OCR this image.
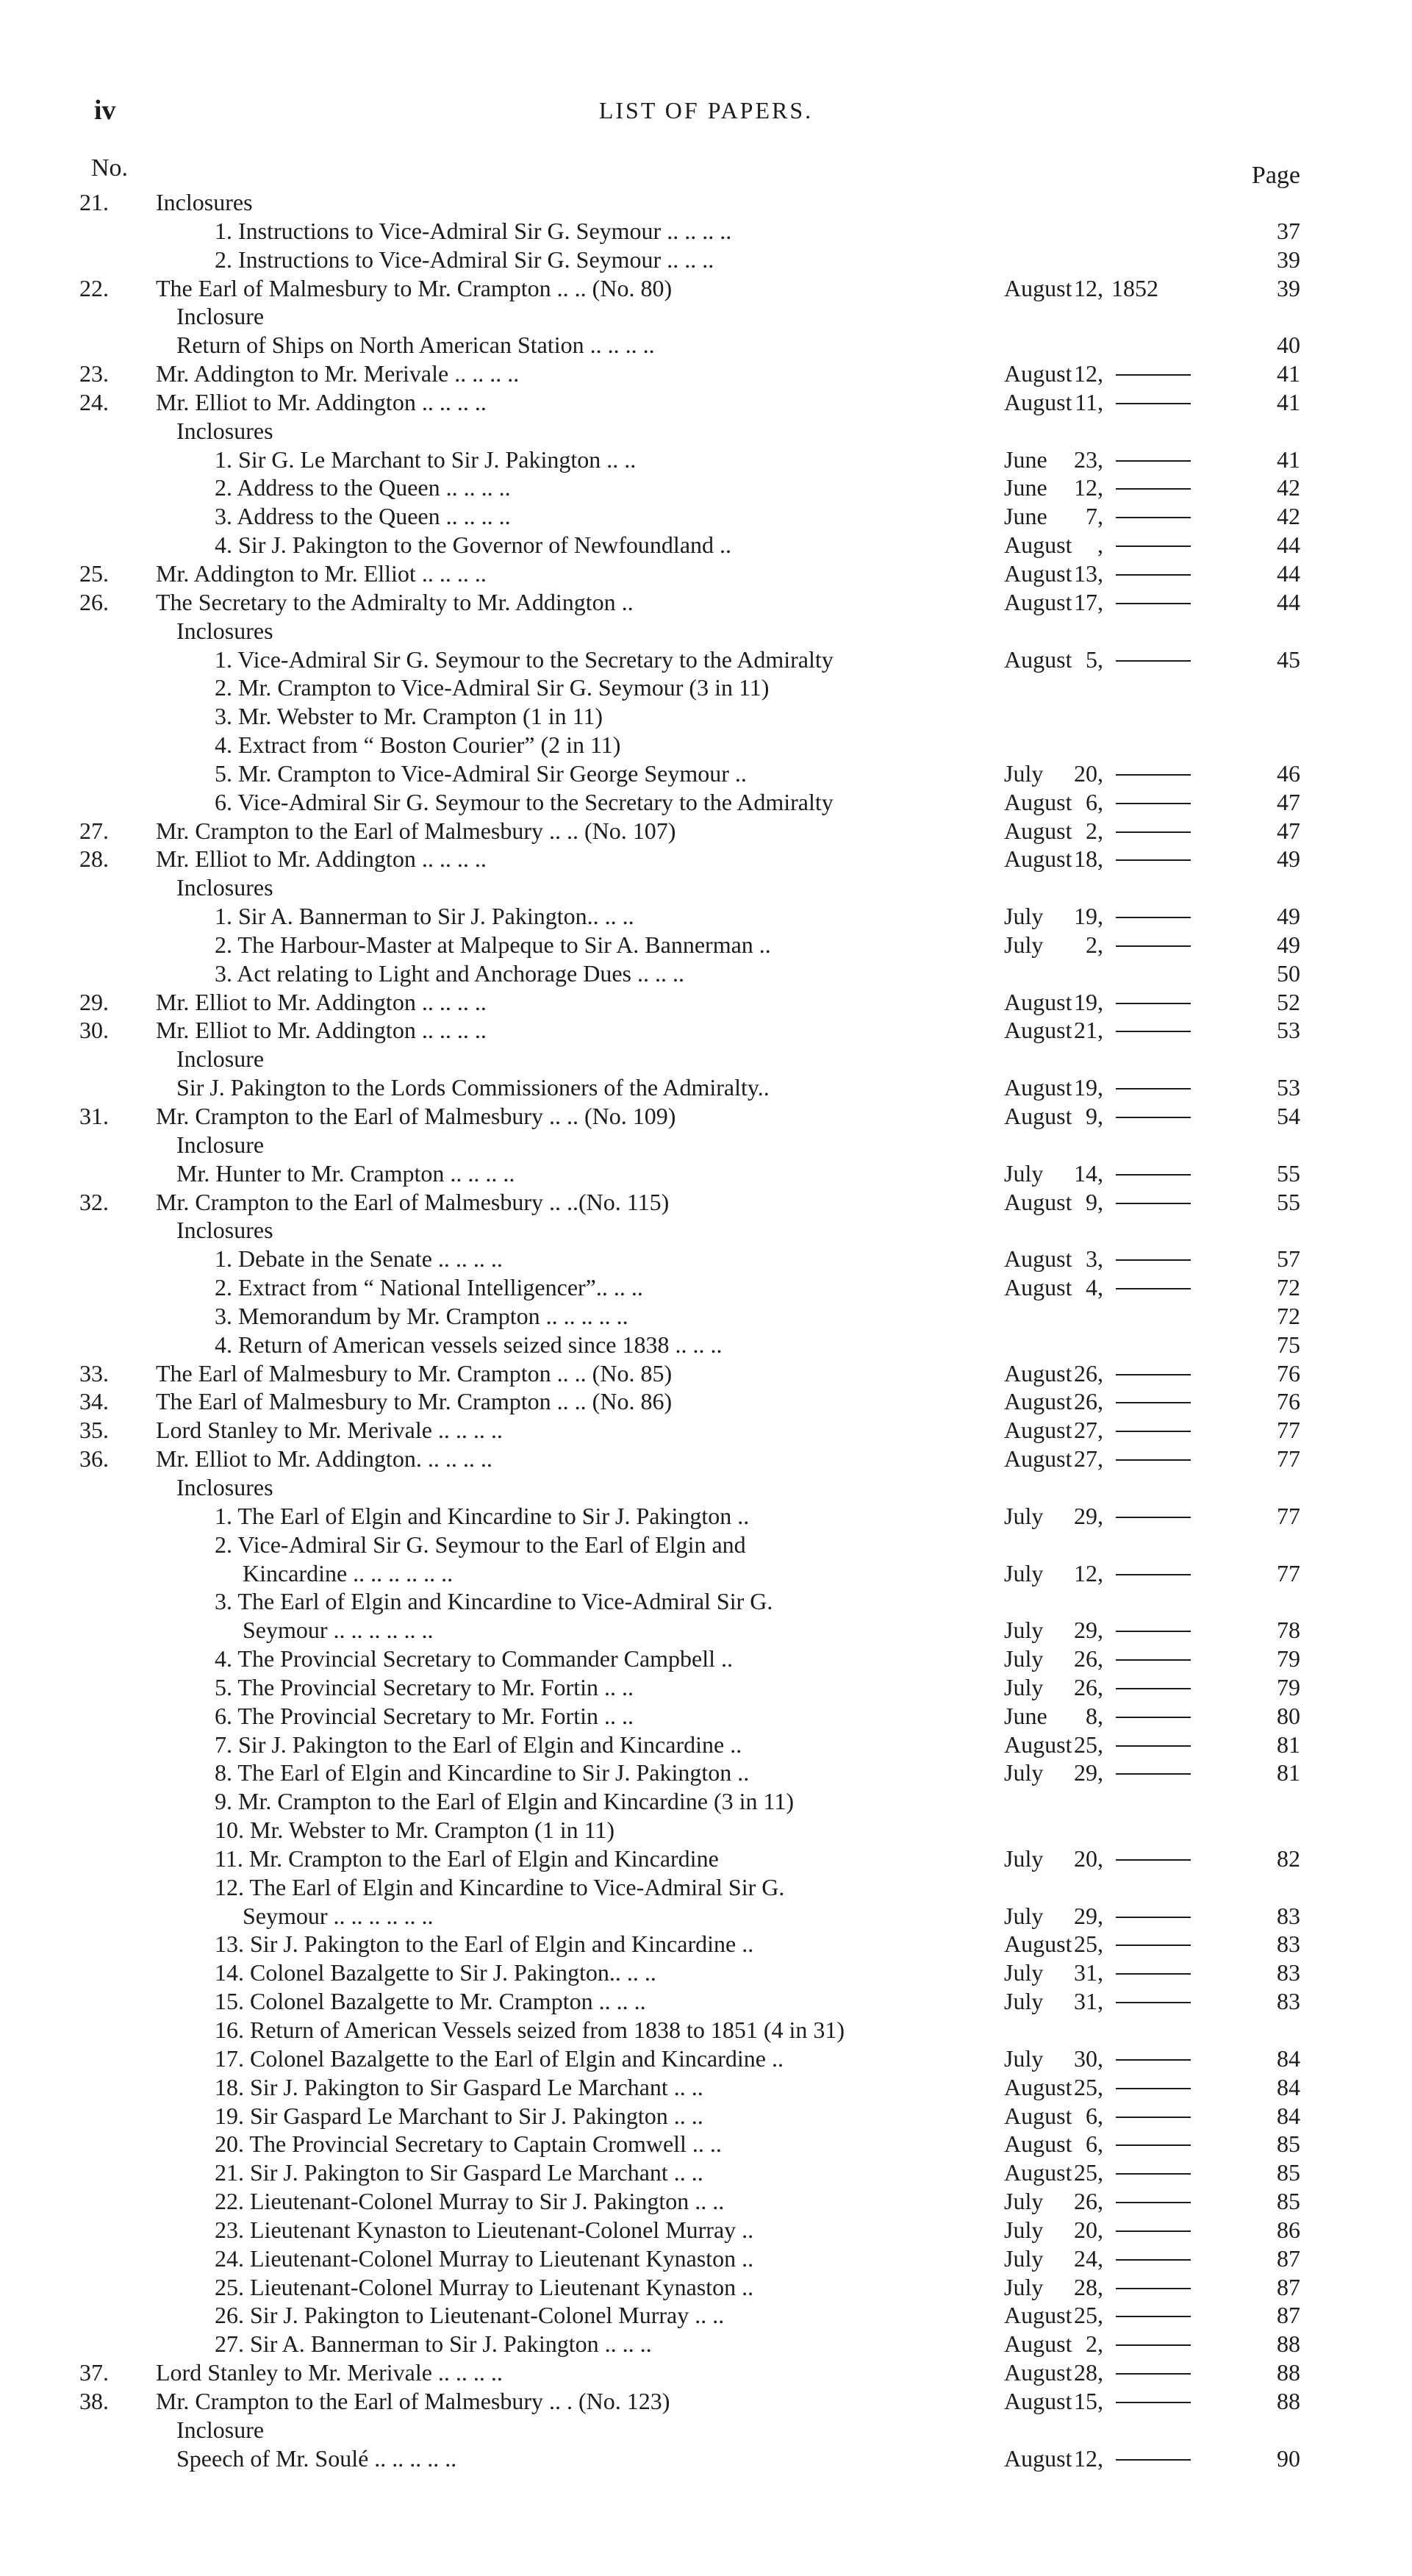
iv	LIST OF PAPERS.
No.	Page
21.	Inclosures
1. Instructions to Vice-Admiral Sir G. Seymour .. .. .. ..	37
2. Instructions to Vice-Admiral Sir G. Seymour .. .. ..	39
22.	The Earl of Malmesbury to Mr. Crampton .. .. (No. 80)	August 12, 1852	39
Inclosure
Return of Ships on North American Station .. .. .. ..	40
23.	Mr. Addington to Mr. Merivale .. .. .. ..	August 12,	41
24.	Mr. Elliot to Mr. Addington .. .. .. ..	August 11,	41
Inclosures
1. Sir G. Le Marchant to Sir J. Pakington .. ..	June 23,	41
2. Address to the Queen .. .. .. ..	June 12,	42
3. Address to the Queen .. .. .. ..	June 7,	42
4. Sir J. Pakington to the Governor of Newfoundland ..	August ,	44
25.	Mr. Addington to Mr. Elliot .. .. .. ..	August 13,	44
26.	The Secretary to the Admiralty to Mr. Addington ..	August 17,	44
Inclosures
1. Vice-Admiral Sir G. Seymour to the Secretary to the Admiralty	August 5,	45
2. Mr. Crampton to Vice-Admiral Sir G. Seymour (3 in 11)
3. Mr. Webster to Mr. Crampton (1 in 11)
4. Extract from “ Boston Courier” (2 in 11)
5. Mr. Crampton to Vice-Admiral Sir George Seymour ..	July 20,	46
6. Vice-Admiral Sir G. Seymour to the Secretary to the Admiralty	August 6,	47
27.	Mr. Crampton to the Earl of Malmesbury .. .. (No. 107)	August 2,	47
28.	Mr. Elliot to Mr. Addington .. .. .. ..	August 18,	49
Inclosures
1. Sir A. Bannerman to Sir J. Pakington.. .. ..	July 19,	49
2. The Harbour-Master at Malpeque to Sir A. Bannerman ..	July 2,	49
3. Act relating to Light and Anchorage Dues .. .. ..	50
29.	Mr. Elliot to Mr. Addington .. .. .. ..	August 19,	52
30.	Mr. Elliot to Mr. Addington .. .. .. ..	August 21,	53
Inclosure
Sir J. Pakington to the Lords Commissioners of the Admiralty..	August 19,	53
31.	Mr. Crampton to the Earl of Malmesbury .. .. (No. 109)	August 9,	54
Inclosure
Mr. Hunter to Mr. Crampton .. .. .. ..	July 14,	55
32.	Mr. Crampton to the Earl of Malmesbury .. ..(No. 115)	August 9,	55
Inclosures
1. Debate in the Senate .. .. .. ..	August 3,	57
2. Extract from “ National Intelligencer”.. .. ..	August 4,	72
3. Memorandum by Mr. Crampton .. .. .. .. ..	72
4. Return of American vessels seized since 1838 .. .. ..	75
33.	The Earl of Malmesbury to Mr. Crampton .. .. (No. 85)	August 26,	76
34.	The Earl of Malmesbury to Mr. Crampton .. .. (No. 86)	August 26,	76
35.	Lord Stanley to Mr. Merivale .. .. .. ..	August 27,	77
36.	Mr. Elliot to Mr. Addington. .. .. .. ..	August 27,	77
Inclosures
1. The Earl of Elgin and Kincardine to Sir J. Pakington ..	July 29,	77
2. Vice-Admiral Sir G. Seymour to the Earl of Elgin and
Kincardine .. .. .. .. .. ..	July 12,	77
3. The Earl of Elgin and Kincardine to Vice-Admiral Sir G.
Seymour .. .. .. .. .. ..	July 29,	78
4. The Provincial Secretary to Commander Campbell ..	July 26,	79
5. The Provincial Secretary to Mr. Fortin .. ..	July 26,	79
6. The Provincial Secretary to Mr. Fortin .. ..	June 8,	80
7. Sir J. Pakington to the Earl of Elgin and Kincardine ..	August 25,	81
8. The Earl of Elgin and Kincardine to Sir J. Pakington ..	July 29,	81
9. Mr. Crampton to the Earl of Elgin and Kincardine (3 in 11)
10. Mr. Webster to Mr. Crampton (1 in 11)
11. Mr. Crampton to the Earl of Elgin and Kincardine	July 20,	82
12. The Earl of Elgin and Kincardine to Vice-Admiral Sir G.
Seymour .. .. .. .. .. ..	July 29,	83
13. Sir J. Pakington to the Earl of Elgin and Kincardine ..	August 25,	83
14. Colonel Bazalgette to Sir J. Pakington.. .. ..	July 31,	83
15. Colonel Bazalgette to Mr. Crampton .. .. ..	July 31,	83
16. Return of American Vessels seized from 1838 to 1851 (4 in 31)
17. Colonel Bazalgette to the Earl of Elgin and Kincardine ..	July 30,	84
18. Sir J. Pakington to Sir Gaspard Le Marchant .. ..	August 25,	84
19. Sir Gaspard Le Marchant to Sir J. Pakington .. ..	August 6,	84
20. The Provincial Secretary to Captain Cromwell .. ..	August 6,	85
21. Sir J. Pakington to Sir Gaspard Le Marchant .. ..	August 25,	85
22. Lieutenant-Colonel Murray to Sir J. Pakington .. ..	July 26,	85
23. Lieutenant Kynaston to Lieutenant-Colonel Murray ..	July 20,	86
24. Lieutenant-Colonel Murray to Lieutenant Kynaston ..	July 24,	87
25. Lieutenant-Colonel Murray to Lieutenant Kynaston ..	July 28,	87
26. Sir J. Pakington to Lieutenant-Colonel Murray .. ..	August 25,	87
27. Sir A. Bannerman to Sir J. Pakington .. .. ..	August 2,	88
37.	Lord Stanley to Mr. Merivale .. .. .. ..	August 28,	88
38.	Mr. Crampton to the Earl of Malmesbury .. . (No. 123)	August 15,	88
Inclosure
Speech of Mr. Soulé .. .. .. .. ..	August 12,	90
